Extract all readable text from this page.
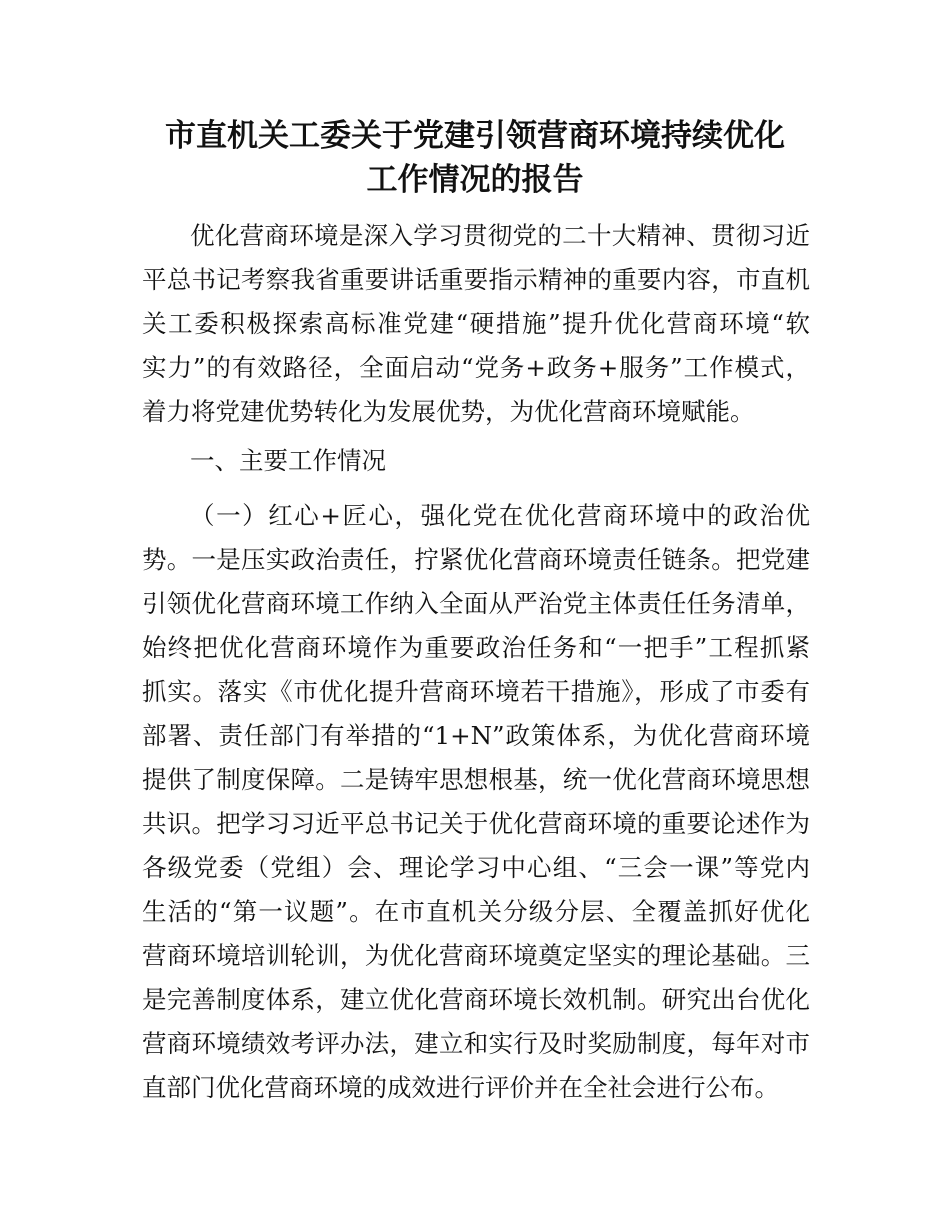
市直机关工委关于党建引领营商环境持续优化
工作情况的报告
优化营商环境是深入学习贯彻党的二十大精神、贯彻习近
平总书记考察我省重要讲话重要指示精神的重要内容，市直机
关工委积极探索高标准党建“硬措施”提升优化营商环境“软
实力”的有效路径，全面启动“党务+政务+服务”工作模式，
着力将党建优势转化为发展优势，为优化营商环境赋能。
一、主要工作情况
（一）红心+匠心，强化党在优化营商环境中的政治优
势。一是压实政治责任，拧紧优化营商环境责任链条。把党建
引领优化营商环境工作纳入全面从严治党主体责任任务清单，
始终把优化营商环境作为重要政治任务和“一把手”工程抓紧
抓实。落实《市优化提升营商环境若干措施》，形成了市委有
部署、责任部门有举措的“1+N”政策体系，为优化营商环境
提供了制度保障。二是铸牢思想根基，统一优化营商环境思想
共识。把学习习近平总书记关于优化营商环境的重要论述作为
各级党委（党组）会、理论学习中心组、“三会一课”等党内
生活的“第一议题”。在市直机关分级分层、全覆盖抓好优化
营商环境培训轮训，为优化营商环境奠定坚实的理论基础。三
是完善制度体系，建立优化营商环境长效机制。研究出台优化
营商环境绩效考评办法，建立和实行及时奖励制度，每年对市
直部门优化营商环境的成效进行评价并在全社会进行公布。
